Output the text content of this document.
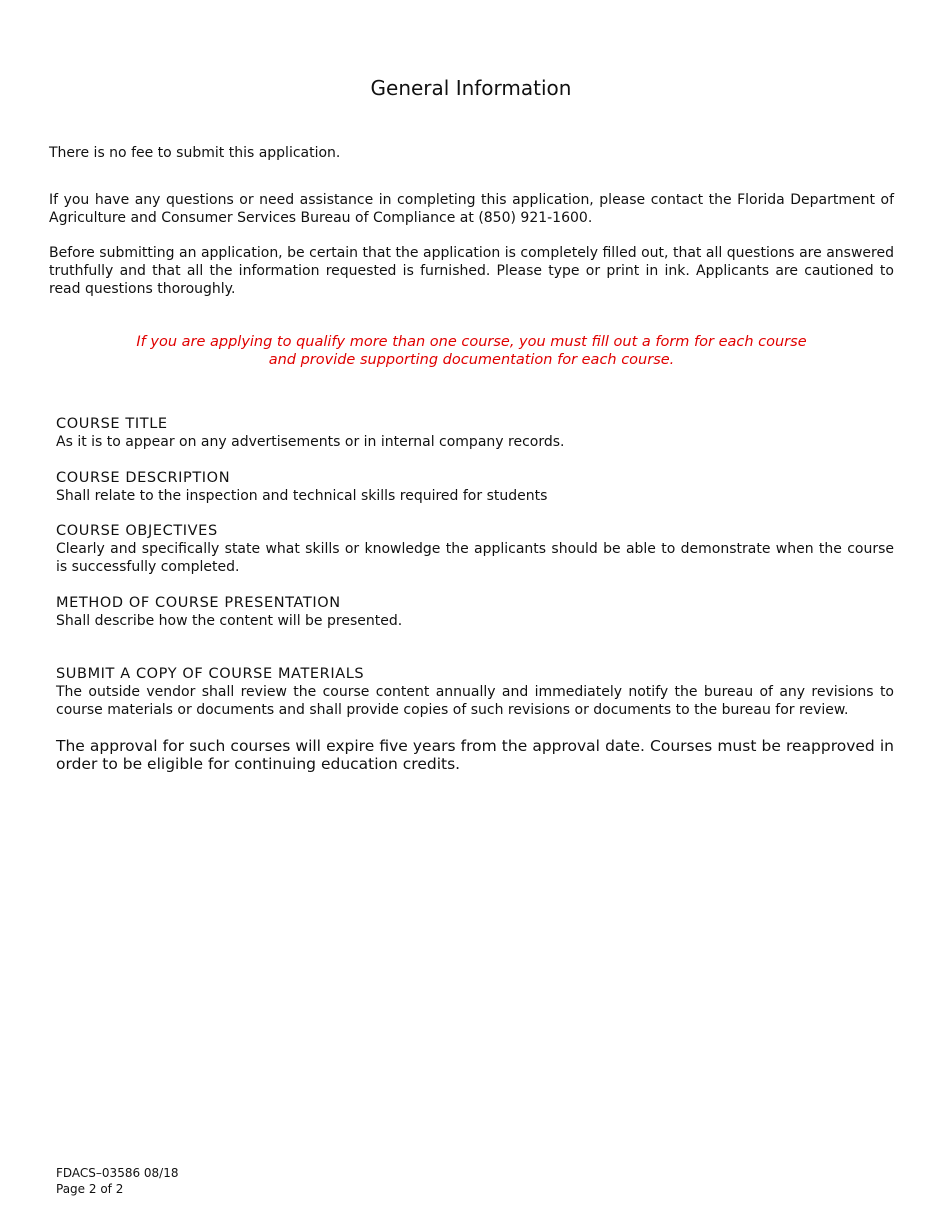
General Information
There is no fee to submit this application.
If you have any questions or need assistance in completing this application, please contact the Florida Department of Agriculture and Consumer Services Bureau of Compliance at (850) 921-1600.
Before submitting an application, be certain that the application is completely filled out, that all questions are answered truthfully and that all the information requested is furnished. Please type or print in ink. Applicants are cautioned to read questions thoroughly.
If you are applying to qualify more than one course, you must fill out a form for each course
and provide supporting documentation for each course.
COURSE TITLE
As it is to appear on any advertisements or in internal company records.
COURSE DESCRIPTION
Shall relate to the inspection and technical skills required for students
COURSE OBJECTIVES
Clearly and specifically state what skills or knowledge the applicants should be able to demonstrate when the course is successfully completed.
METHOD OF COURSE PRESENTATION
Shall describe how the content will be presented.
SUBMIT A COPY OF COURSE MATERIALS
The outside vendor shall review the course content annually and immediately notify the bureau of any revisions to course materials or documents and shall provide copies of such revisions or documents to the bureau for review.
The approval for such courses will expire five years from the approval date. Courses must be reapproved in order to be eligible for continuing education credits.
FDACS–03586 08/18
Page 2 of 2
